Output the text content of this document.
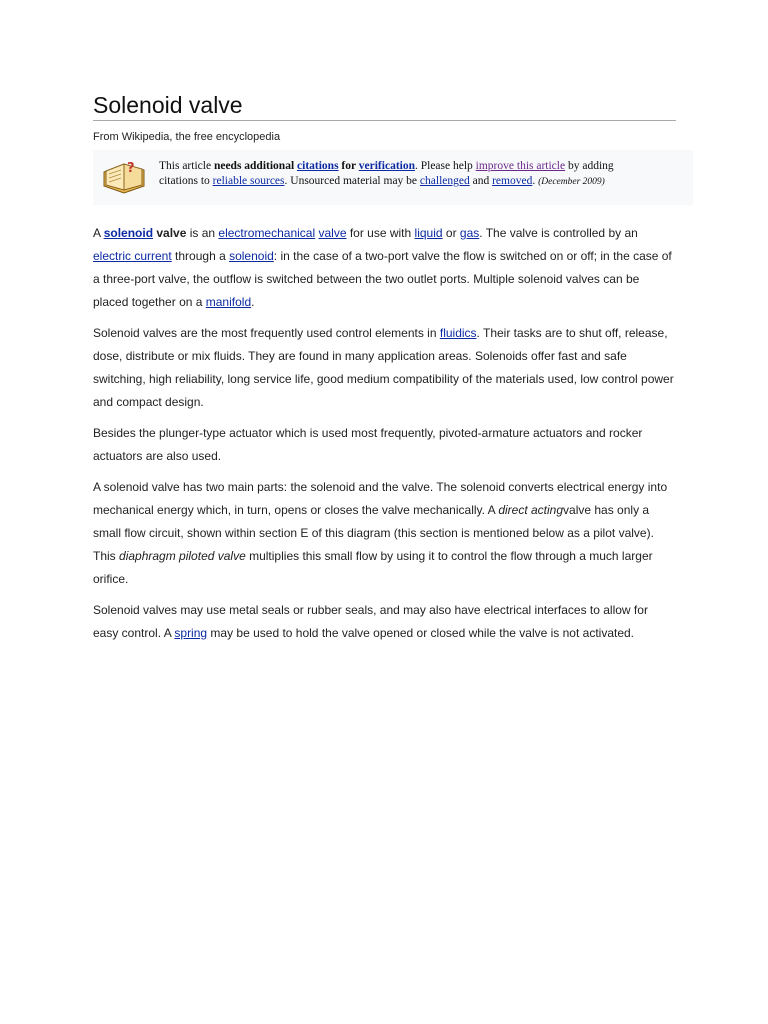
Solenoid valve
From Wikipedia, the free encyclopedia
? This article needs additional citations for verification. Please help improve this article by adding
citations to reliable sources. Unsourced material may be challenged and removed. (December 2009)

A solenoid valve is an electromechanical valve for use with liquid or gas. The valve is controlled by an electric current through a solenoid: in the case of a two-port valve the flow is switched on or off; in the case of a three-port valve, the outflow is switched between the two outlet ports. Multiple solenoid valves can be placed together on a manifold.

Solenoid valves are the most frequently used control elements in fluidics. Their tasks are to shut off, release, dose, distribute or mix fluids. They are found in many application areas. Solenoids offer fast and safe switching, high reliability, long service life, good medium compatibility of the materials used, low control power and compact design.

Besides the plunger-type actuator which is used most frequently, pivoted-armature actuators and rocker actuators are also used.

A solenoid valve has two main parts: the solenoid and the valve. The solenoid converts electrical energy into mechanical energy which, in turn, opens or closes the valve mechanically. A direct actingvalve has only a small flow circuit, shown within section E of this diagram (this section is mentioned below as a pilot valve). This diaphragm piloted valve multiplies this small flow by using it to control the flow through a much larger orifice.

Solenoid valves may use metal seals or rubber seals, and may also have electrical interfaces to allow for easy control. A spring may be used to hold the valve opened or closed while the valve is not activated.
